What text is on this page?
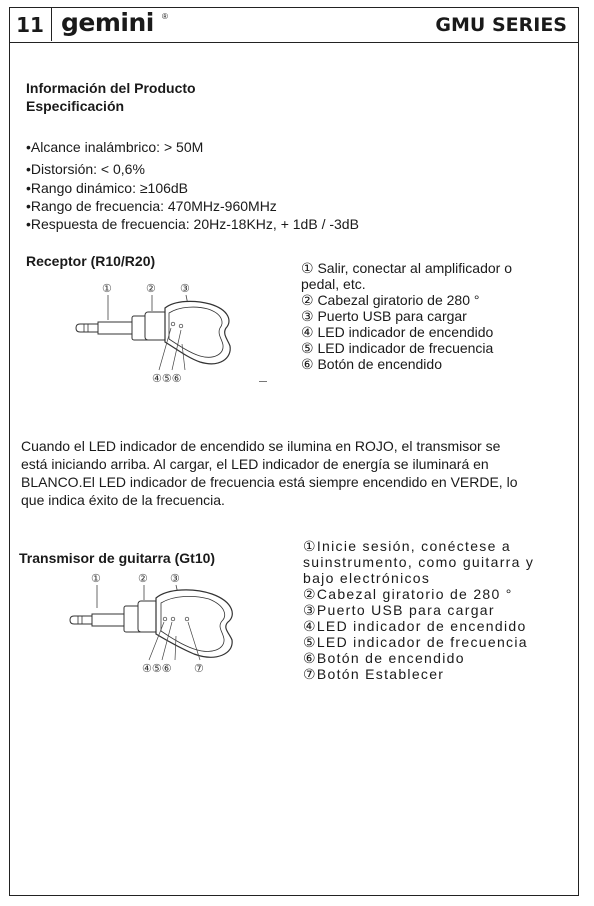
11 gemini ®	GMU SERIES
Información del Producto
Especificación
•Alcance inalámbrico: > 50M
•Distorsión: < 0,6%
•Rango dinámico: ≥106dB
•Rango de frecuencia: 470MHz-960MHz
•Respuesta de frecuencia: 20Hz-18KHz, + 1dB / -3dB
Receptor (R10/R20)
①	② ③
④⑤⑥
① Salir, conectar al amplificador o
pedal, etc.
② Cabezal giratorio de 280 °
③ Puerto USB para cargar
④ LED indicador de encendido
⑤ LED indicador de frecuencia
⑥ Botón de encendido
Cuando el LED indicador de encendido se ilumina en ROJO, el transmisor se
está iniciando arriba. Al cargar, el LED indicador de energía se iluminará en
BLANCO.El LED indicador de frecuencia está siempre encendido en VERDE, lo
que indica éxito de la frecuencia.
Transmisor de guitarra (Gt10)
①	② ③
④⑤⑥ ⑦
①Inicie sesión, conéctese a
suinstrumento, como guitarra y
bajo electrónicos
②Cabezal giratorio de 280 °
③Puerto USB para cargar
④LED indicador de encendido
⑤LED indicador de frecuencia
⑥Botón de encendido
⑦Botón Establecer
